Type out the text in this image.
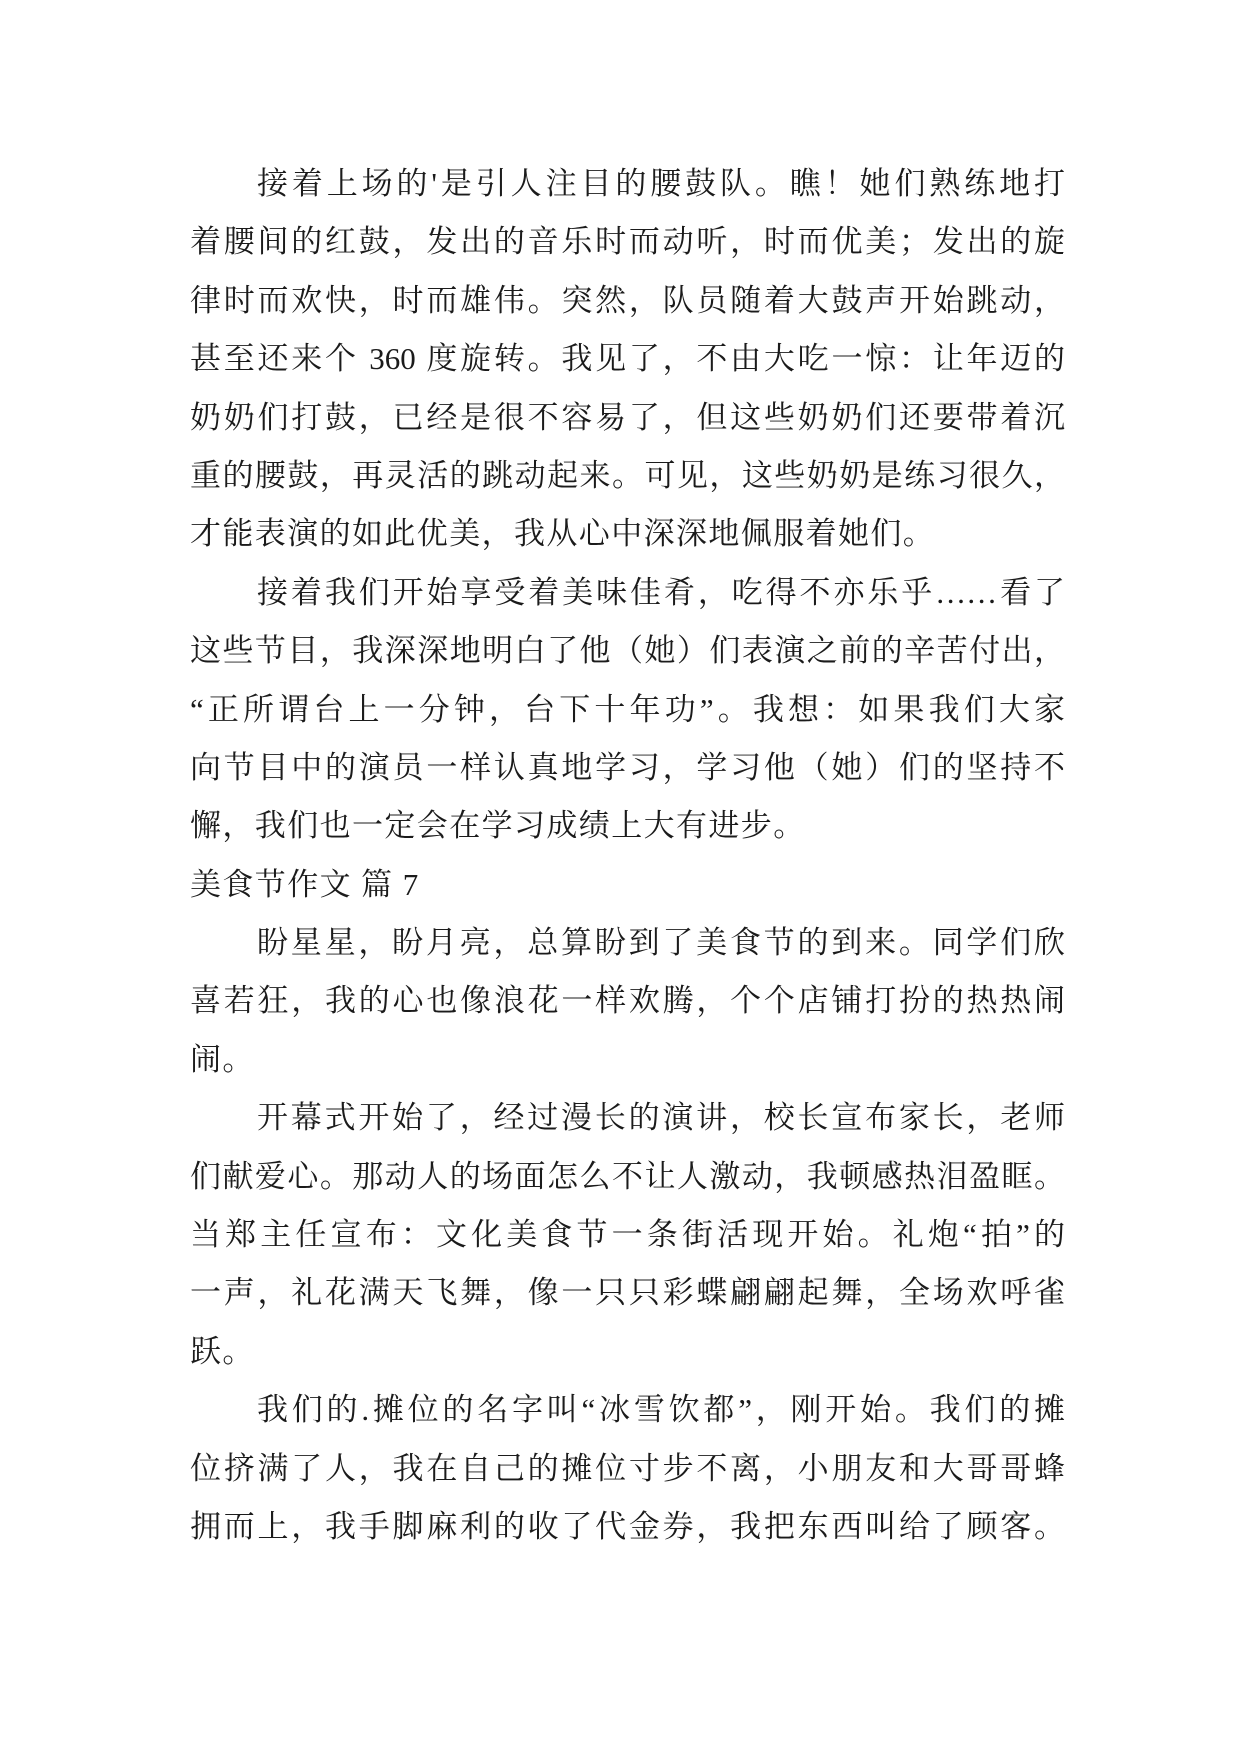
接着上场的'是引人注目的腰鼓队。瞧！她们熟练地打
着腰间的红鼓，发出的音乐时而动听，时而优美；发出的旋
律时而欢快，时而雄伟。突然，队员随着大鼓声开始跳动，
甚至还来个 360 度旋转。我见了，不由大吃一惊：让年迈的
奶奶们打鼓，已经是很不容易了，但这些奶奶们还要带着沉
重的腰鼓，再灵活的跳动起来。可见，这些奶奶是练习很久，
才能表演的如此优美，我从心中深深地佩服着她们。
接着我们开始享受着美味佳肴，吃得不亦乐乎……看了
这些节目，我深深地明白了他（她）们表演之前的辛苦付出，
“正所谓台上一分钟，台下十年功”。我想：如果我们大家
向节目中的演员一样认真地学习，学习他（她）们的坚持不
懈，我们也一定会在学习成绩上大有进步。
美食节作文 篇 7
盼星星，盼月亮，总算盼到了美食节的到来。同学们欣
喜若狂，我的心也像浪花一样欢腾，个个店铺打扮的热热闹
闹。
开幕式开始了，经过漫长的演讲，校长宣布家长，老师
们献爱心。那动人的场面怎么不让人激动，我顿感热泪盈眶。
当郑主任宣布：文化美食节一条街活现开始。礼炮“拍”的
一声，礼花满天飞舞，像一只只彩蝶翩翩起舞，全场欢呼雀
跃。
我们的.摊位的名字叫“冰雪饮都”，刚开始。我们的摊
位挤满了人，我在自己的摊位寸步不离，小朋友和大哥哥蜂
拥而上，我手脚麻利的收了代金券，我把东西叫给了顾客。
